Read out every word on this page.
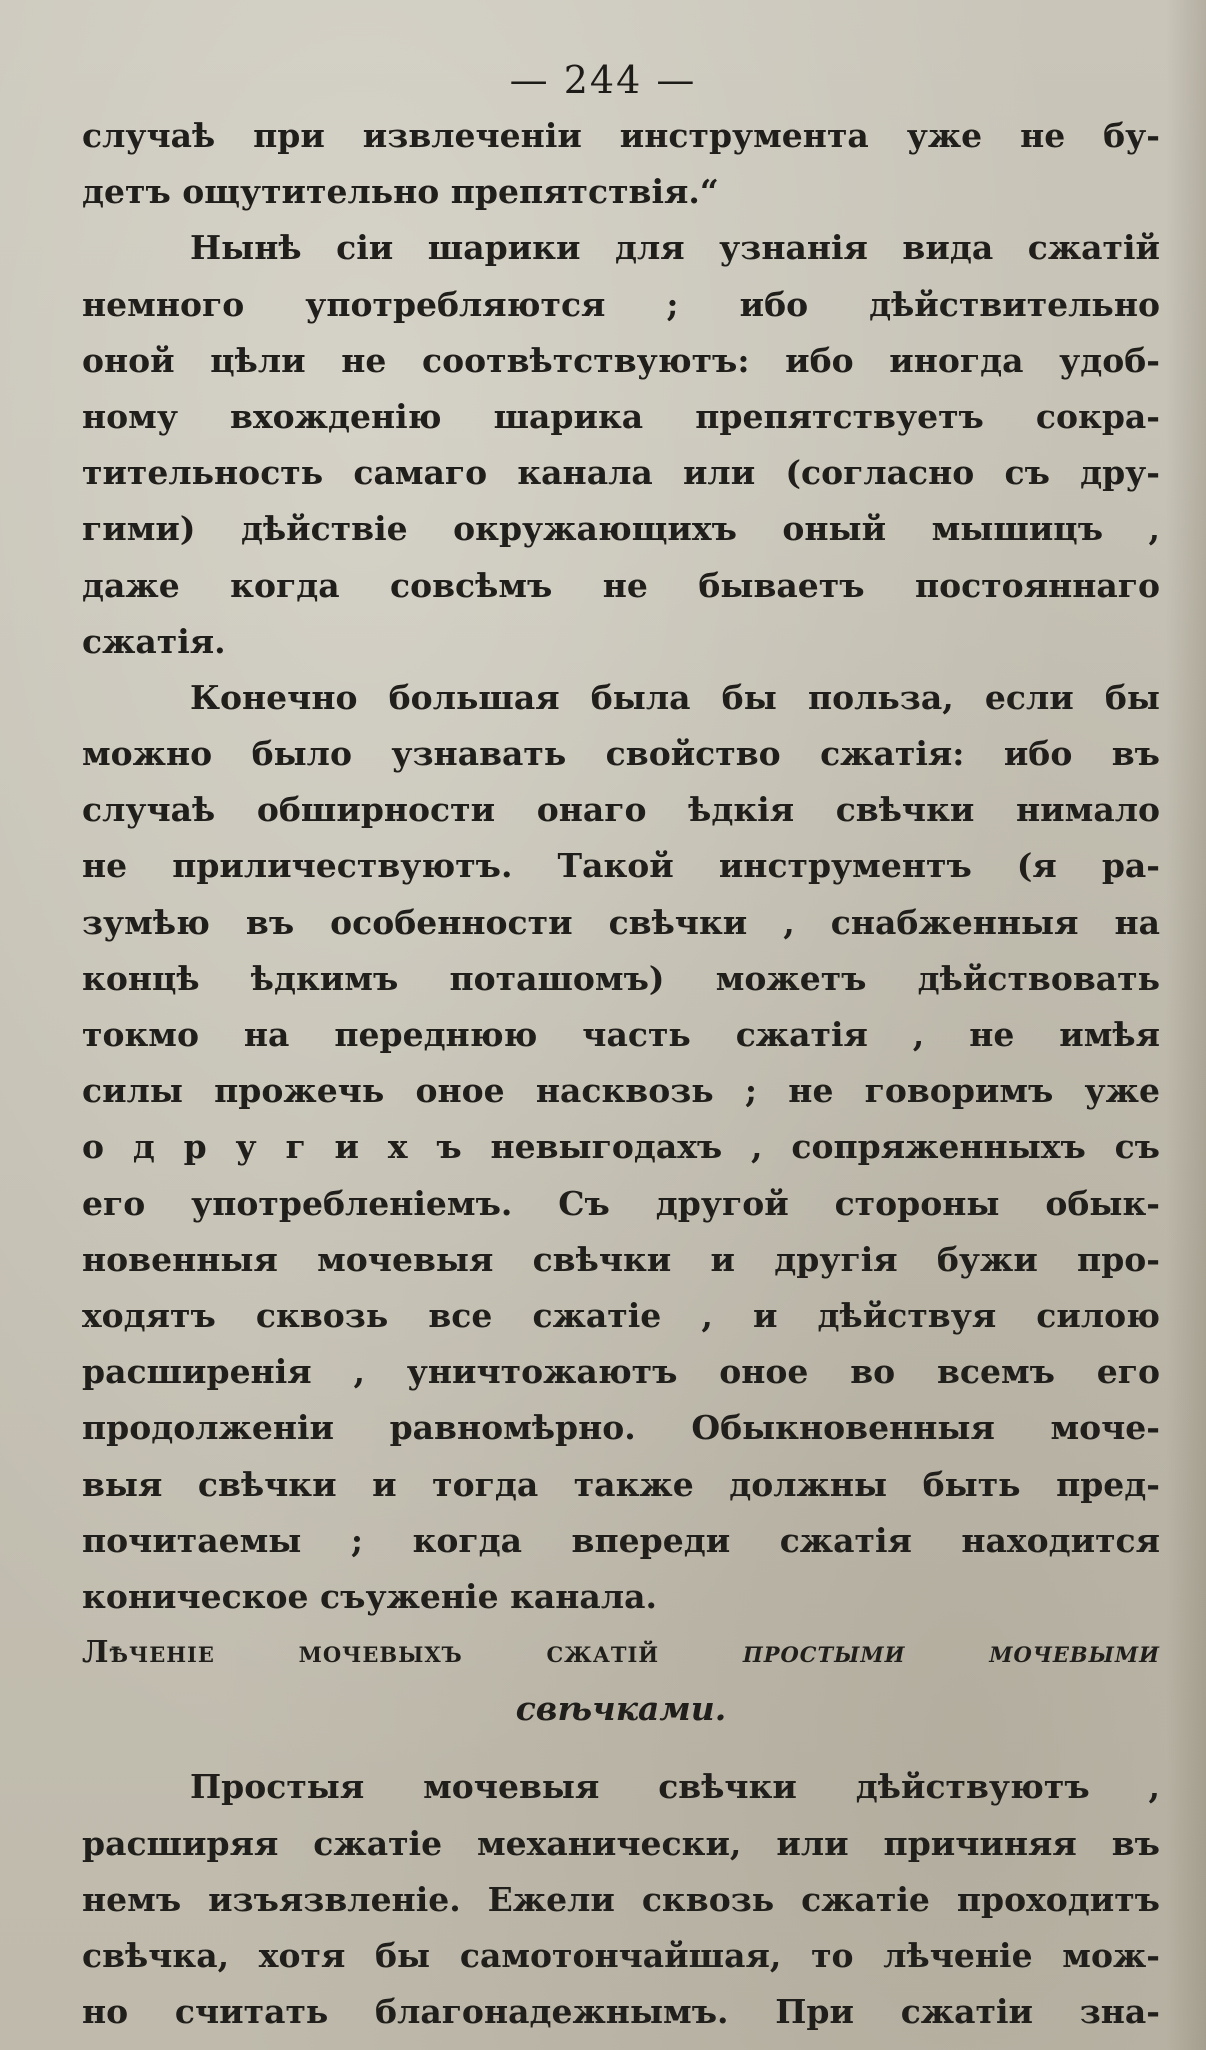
— 244 —
случаѣ при извлеченіи инструмента уже не бу-
детъ ощутительно препятствія.“
Нынѣ сіи шарики для узнанія вида сжатій
немного употребляются ; ибо дѣйствительно
оной цѣли не соотвѣтствуютъ: ибо иногда удоб-
ному вхожденію шарика препятствуетъ сокра-
тительность самаго канала или (согласно съ дру-
гими) дѣйствіе окружающихъ оный мышицъ ,
даже когда совсѣмъ не бываетъ постояннаго
сжатія.
Конечно большая была бы польза, если бы
можно было узнавать свойство сжатія: ибо въ
случаѣ обширности онаго ѣдкія свѣчки нимало
не приличествуютъ. Такой инструментъ (я ра-
зумѣю въ особенности свѣчки , снабженныя на
концѣ ѣдкимъ поташомъ) можетъ дѣйствовать
токмо на переднюю часть сжатія , не имѣя
силы прожечь оное насквозь ; не говоримъ уже
о д р у г и х ъ невыгодахъ , сопряженныхъ съ
его употребленіемъ. Съ другой стороны обык-
новенныя мочевыя свѣчки и другія бужи про-
ходятъ сквозь все сжатіе , и дѣйствуя силою
расширенія , уничтожаютъ оное во всемъ его
продолженіи равномѣрно. Обыкновенныя моче-
выя свѣчки и тогда также должны быть пред-
почитаемы ; когда впереди сжатія находится
коническое съуженіе канала.
Лѣченіе мочевыхъ сжатій	простыми мочевыми
свѣчками.
Простыя мочевыя свѣчки дѣйствуютъ ,
расширяя сжатіе механически, или причиняя въ
немъ изъязвленіе. Ежели сквозь сжатіе проходитъ
свѣчка, хотя бы самотончайшая, то лѣченіе мож-
но считать благонадежнымъ. При сжатіи зна-
